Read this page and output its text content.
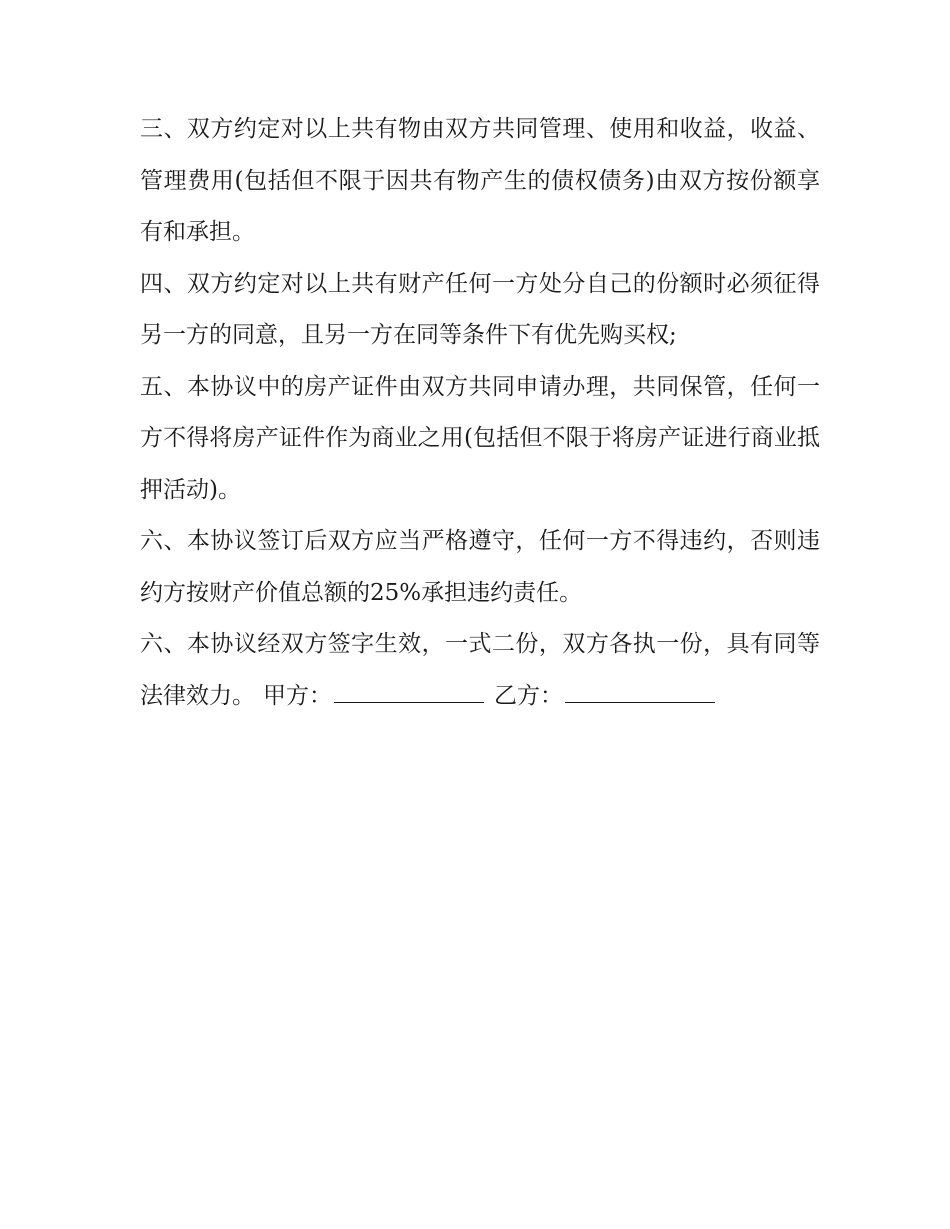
三、双方约定对以上共有物由双方共同管理、使用和收益，收益、管理费用(包括但不限于因共有物产生的债权债务)由双方按份额享有和承担。

四、双方约定对以上共有财产任何一方处分自己的份额时必须征得另一方的同意，且另一方在同等条件下有优先购买权;

五、本协议中的房产证件由双方共同申请办理，共同保管，任何一方不得将房产证件作为商业之用(包括但不限于将房产证进行商业抵押活动)。

六、本协议签订后双方应当严格遵守，任何一方不得违约，否则违约方按财产价值总额的25%承担违约责任。

六、本协议经双方签字生效，一式二份，双方各执一份，具有同等法律效力。 甲方：	乙方：
